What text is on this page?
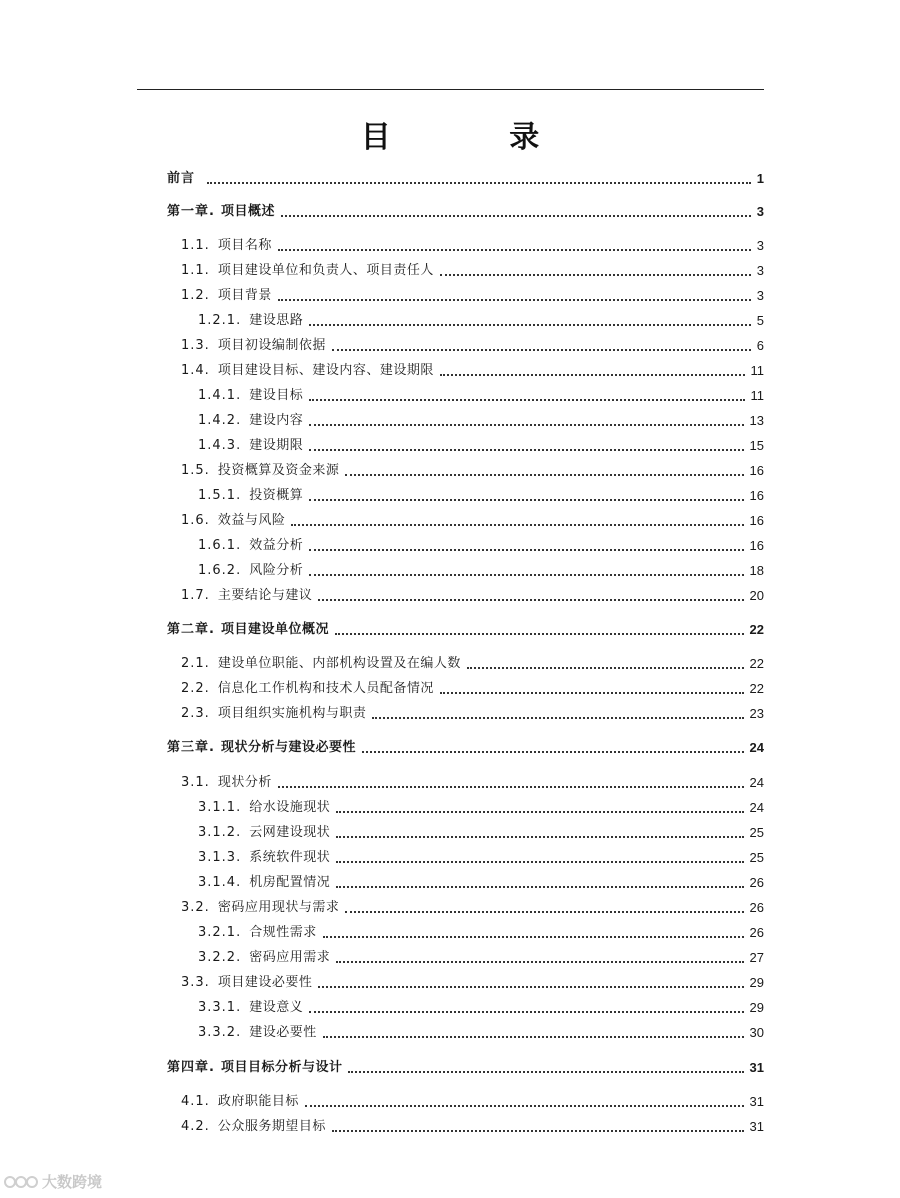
目 录
前言	1
第一章. 项目概述	3
1.1. 项目名称	3
1.1. 项目建设单位和负责人、项目责任人	3
1.2. 项目背景	3
1.2.1. 建设思路	5
1.3. 项目初设编制依据	6
1.4. 项目建设目标、建设内容、建设期限	11
1.4.1. 建设目标	11
1.4.2. 建设内容	13
1.4.3. 建设期限	15
1.5. 投资概算及资金来源	16
1.5.1. 投资概算	16
1.6. 效益与风险	16
1.6.1. 效益分析	16
1.6.2. 风险分析	18
1.7. 主要结论与建议	20
第二章. 项目建设单位概况	22
2.1. 建设单位职能、内部机构设置及在编人数	22
2.2. 信息化工作机构和技术人员配备情况	22
2.3. 项目组织实施机构与职责	23
第三章. 现状分析与建设必要性	24
3.1. 现状分析	24
3.1.1. 给水设施现状	24
3.1.2. 云网建设现状	25
3.1.3. 系统软件现状	25
3.1.4. 机房配置情况	26
3.2. 密码应用现状与需求	26
3.2.1. 合规性需求	26
3.2.2. 密码应用需求	27
3.3. 项目建设必要性	29
3.3.1. 建设意义	29
3.3.2. 建设必要性	30
第四章. 项目目标分析与设计	31
4.1. 政府职能目标	31
4.2. 公众服务期望目标	31
大数跨境
